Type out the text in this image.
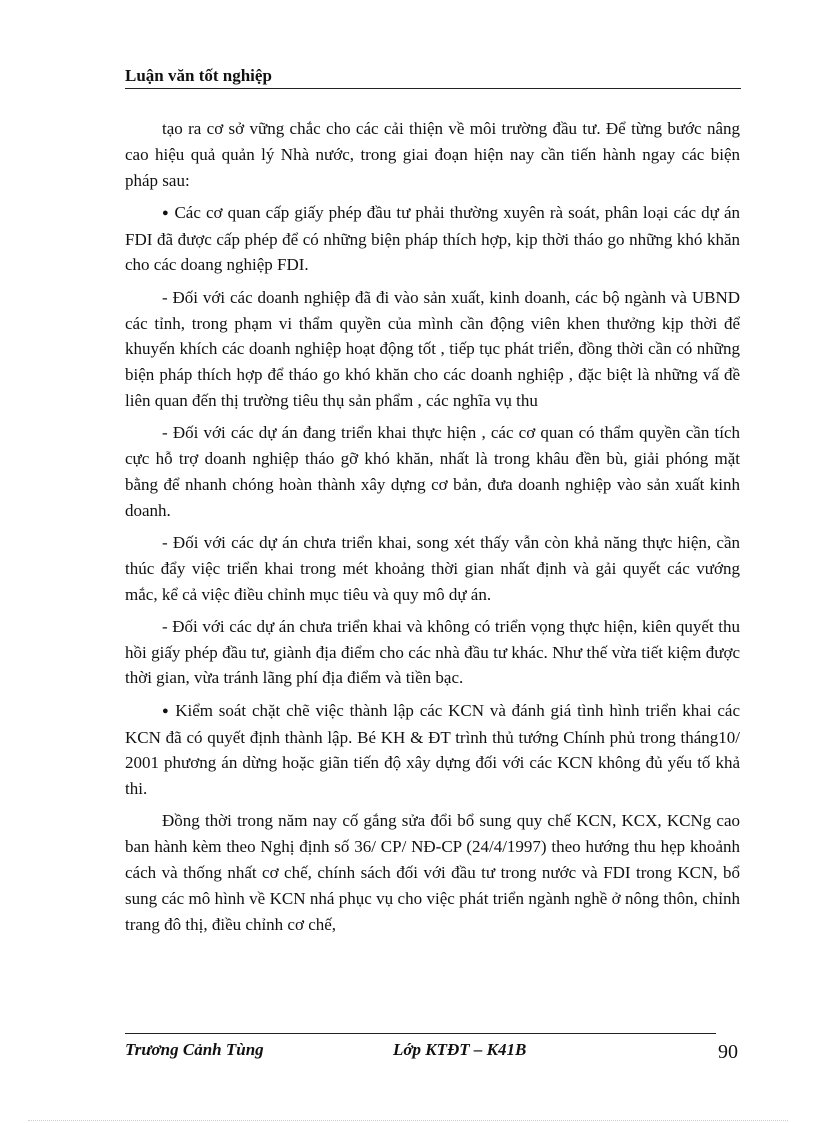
Luận văn tốt nghiệp

tạo ra cơ sở vững chắc cho các cải thiện về môi trường đầu tư. Để từng bước nâng cao hiệu quả quản lý Nhà nước, trong giai đoạn hiện nay cần tiến hành ngay các biện pháp sau:

● Các cơ quan cấp giấy phép đầu tư phải thường xuyên rà soát, phân loại các dự án FDI đã được cấp phép để có những biện pháp thích hợp, kịp thời tháo go những khó khăn cho các doang nghiệp FDI.

- Đối với các doanh nghiệp đã đi vào sản xuất, kinh doanh, các bộ ngành và UBND các tỉnh, trong phạm vi thẩm quyền của mình cần động viên khen thưởng kịp thời để khuyến khích các doanh nghiệp hoạt động tốt , tiếp tục phát triển, đồng thời cần có những biện pháp thích hợp để tháo go khó khăn cho các doanh nghiệp , đặc biệt là những vấ đề liên quan đến thị trường tiêu thụ sản phẩm , các nghĩa vụ thu

- Đối với các dự án đang triển khai thực hiện , các cơ quan có thẩm quyền cần tích cực hỗ trợ doanh nghiệp tháo gỡ khó khăn, nhất là trong khâu đền bù, giải phóng mặt bằng để nhanh chóng hoàn thành xây dựng cơ bản, đưa doanh nghiệp vào sản xuất kinh doanh.

- Đối với các dự án chưa triển khai, song xét thấy vẫn còn khả năng thực hiện, cần thúc đẩy việc triển khai trong mét khoảng thời gian nhất định và gải quyết các vướng mắc, kể cả việc điều chỉnh mục tiêu và quy mô dự án.

- Đối với các dự án chưa triển khai và không có triển vọng thực hiện, kiên quyết thu hồi giấy phép đầu tư, giành địa điểm cho các nhà đầu tư khác. Như thế vừa tiết kiệm được thời gian, vừa tránh lãng phí địa điểm và tiền bạc.

● Kiểm soát chặt chẽ việc thành lập các KCN và đánh giá tình hình triển khai các KCN đã có quyết định thành lập. Bé KH & ĐT trình thủ tướng Chính phủ trong tháng10/ 2001 phương án dừng hoặc giãn tiến độ xây dựng đối với các KCN không đủ yếu tố khả thi.

Đồng thời trong năm nay cố gắng sửa đổi bổ sung quy chế KCN, KCX, KCNg cao ban hành kèm theo Nghị định số 36/ CP/ NĐ-CP (24/4/1997) theo hướng thu hẹp khoảnh cách và thống nhất cơ chế, chính sách đối với đầu tư trong nước và FDI trong KCN, bổ sung các mô hình về KCN nhá phục vụ cho việc phát triển ngành nghề ở nông thôn, chỉnh trang đô thị, điều chỉnh cơ chế,

Trương Cảnh Tùng	Lớp KTĐT – K41B	90
